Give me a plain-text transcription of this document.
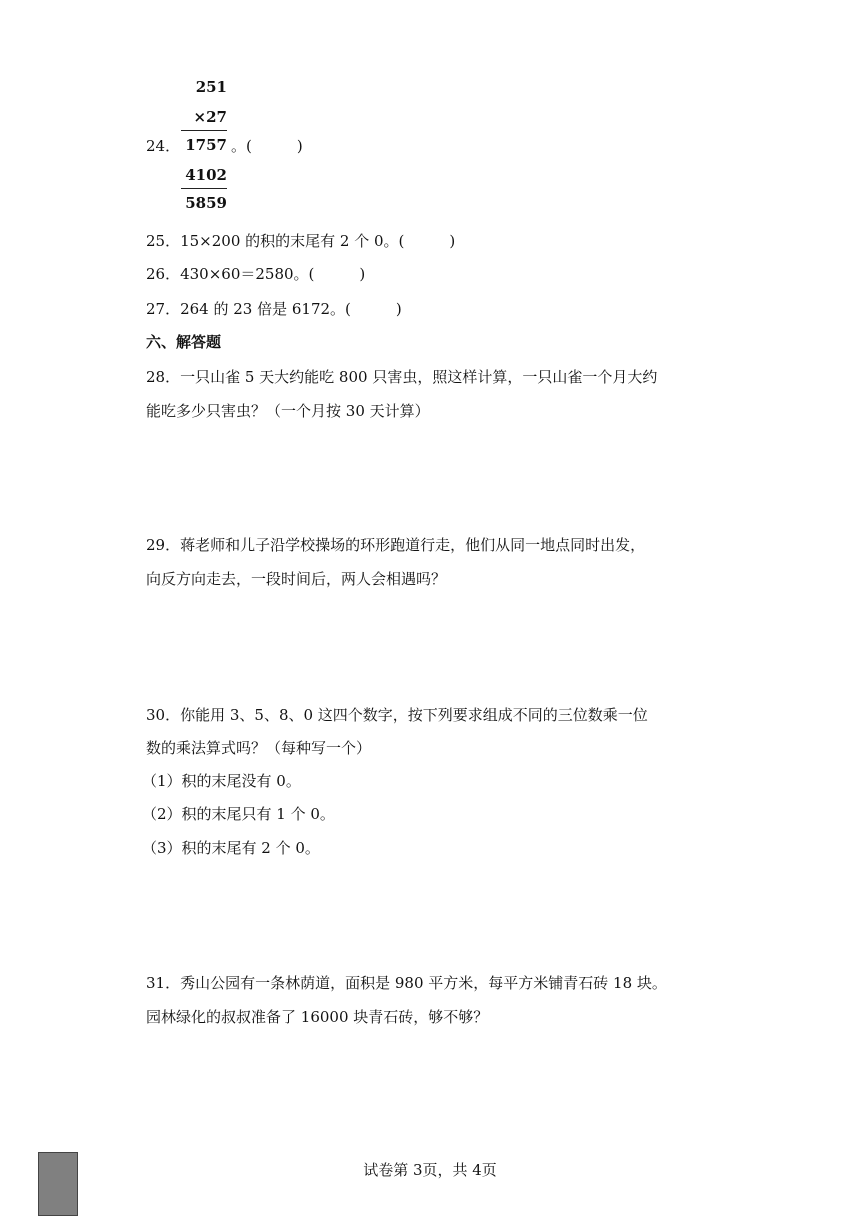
251
×27
24． 1757 。(　　　)
4102
5859
25．15×200 的积的末尾有 2 个 0。(　　　)
26．430×60＝2580。(　　　)
27．264 的 23 倍是 6172。(　　　)
六、解答题
28．一只山雀 5 天大约能吃 800 只害虫，照这样计算，一只山雀一个月大约
能吃多少只害虫？（一个月按 30 天计算）
29．蒋老师和儿子沿学校操场的环形跑道行走，他们从同一地点同时出发，
向反方向走去，一段时间后，两人会相遇吗？
30．你能用 3、5、8、0 这四个数字，按下列要求组成不同的三位数乘一位
数的乘法算式吗？（每种写一个）
（1）积的末尾没有 0。
（2）积的末尾只有 1 个 0。
（3）积的末尾有 2 个 0。
31．秀山公园有一条林荫道，面积是 980 平方米，每平方米铺青石砖 18 块。
园林绿化的叔叔准备了 16000 块青石砖，够不够？
试卷第 3页，共 4页
